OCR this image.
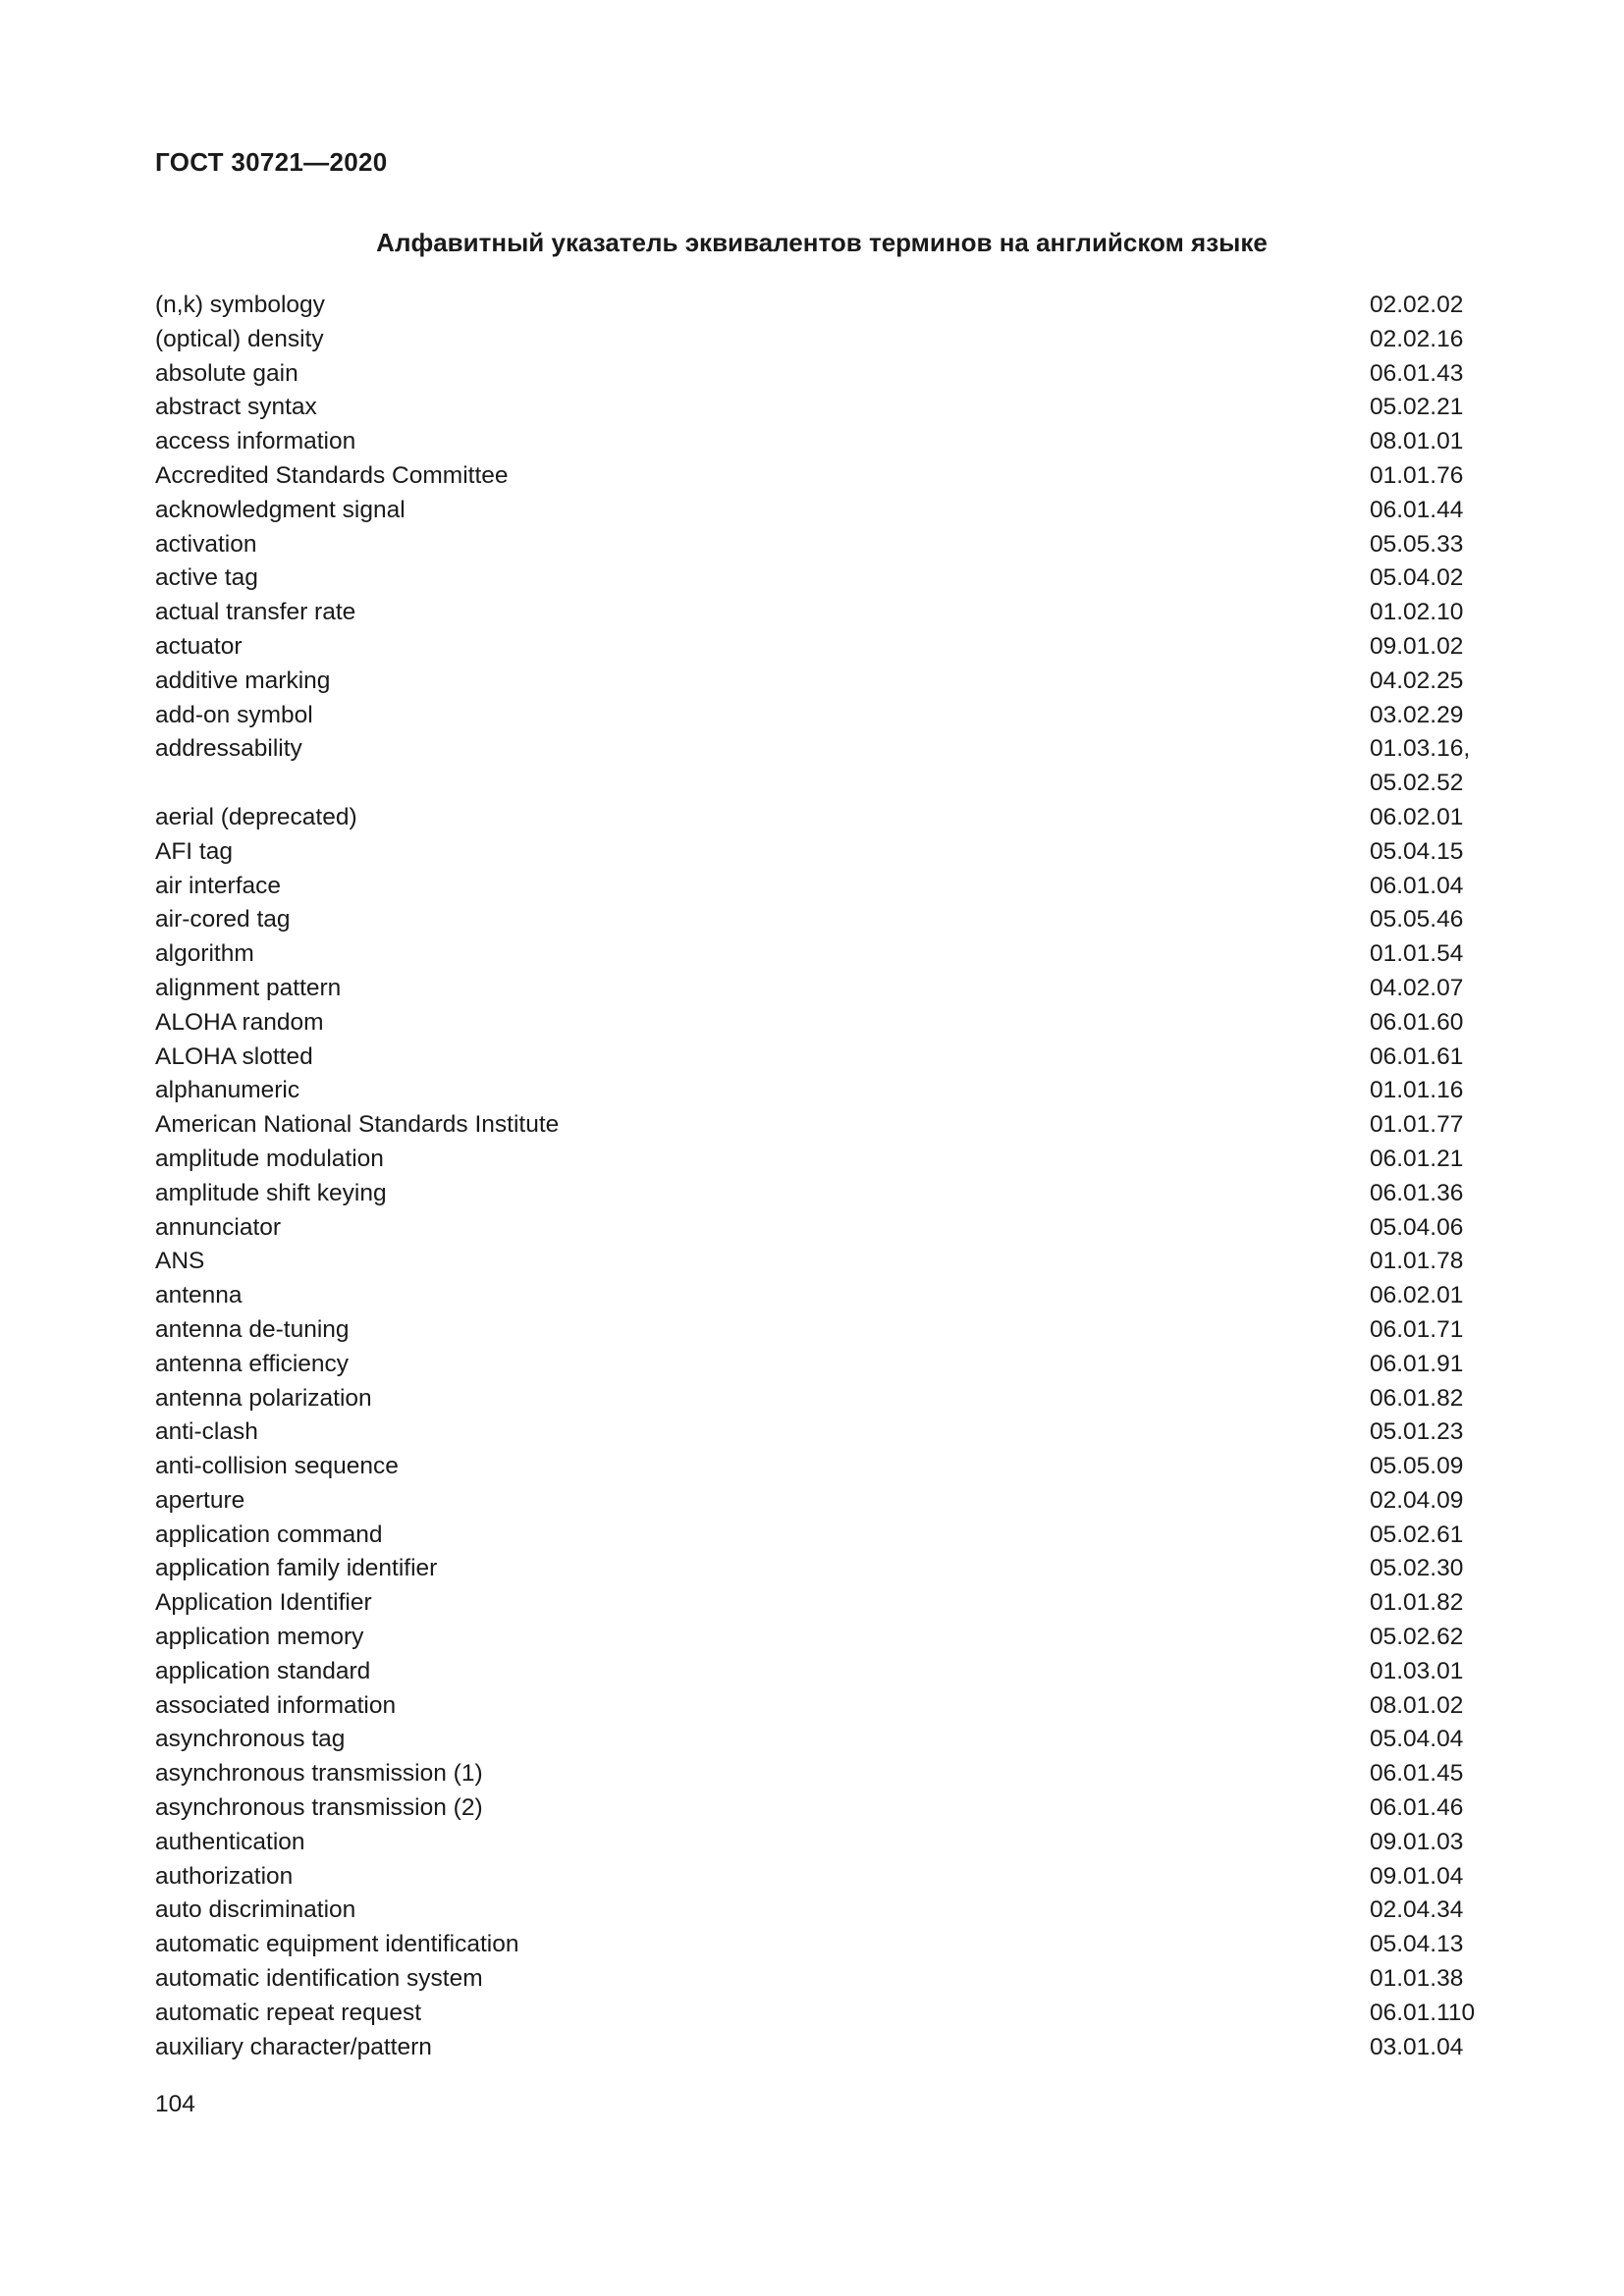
ГОСТ 30721—2020
Алфавитный указатель эквивалентов терминов на английском языке
(n,k) symbology	02.02.02
(optical) density	02.02.16
absolute gain	06.01.43
abstract syntax	05.02.21
access information	08.01.01
Accredited Standards Committee	01.01.76
acknowledgment signal	06.01.44
activation	05.05.33
active tag	05.04.02
actual transfer rate	01.02.10
actuator	09.01.02
additive marking	04.02.25
add-on symbol	03.02.29
addressability	01.03.16,
05.02.52
aerial (deprecated)	06.02.01
AFI tag	05.04.15
air interface	06.01.04
air-cored tag	05.05.46
algorithm	01.01.54
alignment pattern	04.02.07
ALOHA random	06.01.60
ALOHA slotted	06.01.61
alphanumeric	01.01.16
American National Standards Institute	01.01.77
amplitude modulation	06.01.21
amplitude shift keying	06.01.36
annunciator	05.04.06
ANS	01.01.78
antenna	06.02.01
antenna de-tuning	06.01.71
antenna efficiency	06.01.91
antenna polarization	06.01.82
anti-clash	05.01.23
anti-collision sequence	05.05.09
aperture	02.04.09
application command	05.02.61
application family identifier	05.02.30
Application Identifier	01.01.82
application memory	05.02.62
application standard	01.03.01
associated information	08.01.02
asynchronous tag	05.04.04
asynchronous transmission (1)	06.01.45
asynchronous transmission (2)	06.01.46
authentication	09.01.03
authorization	09.01.04
auto discrimination	02.04.34
automatic equipment identification	05.04.13
automatic identification system	01.01.38
automatic repeat request	06.01.110
auxiliary character/pattern	03.01.04
104
